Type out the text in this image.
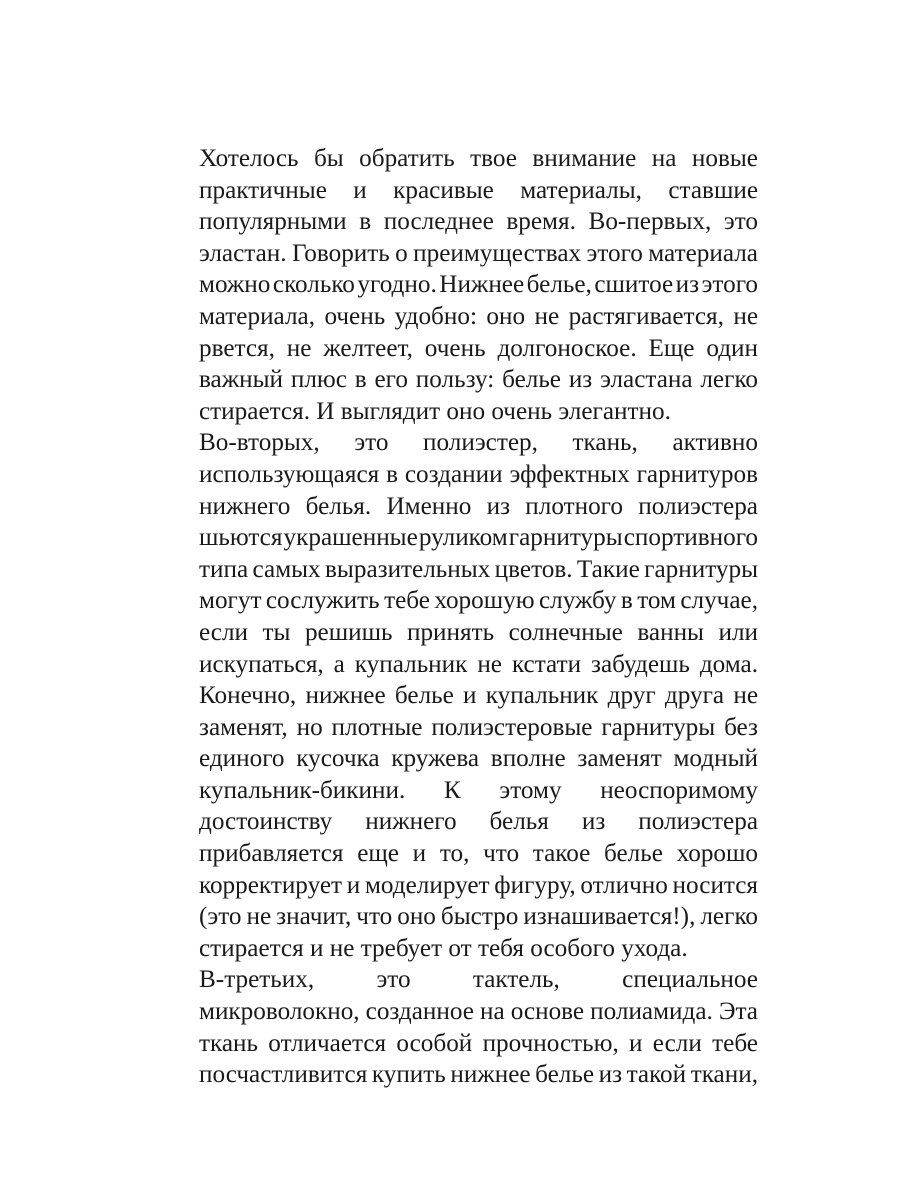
Хотелось бы обратить твое внимание на новые
практичные и красивые материалы, ставшие
популярными в последнее время. Во-первых, это
эластан. Говорить о преимуществах этого материала
можно сколько угодно. Нижнее белье, сшитое из этого
материала, очень удобно: оно не растягивается, не
рвется, не желтеет, очень долгоноское. Еще один
важный плюс в его пользу: белье из эластана легко
стирается. И выглядит оно очень элегантно.
Во-вторых, это полиэстер, ткань, активно
использующаяся в создании эффектных гарнитуров
нижнего белья. Именно из плотного полиэстера
шьются украшенные руликом гарнитуры спортивного
типа самых выразительных цветов. Такие гарнитуры
могут сослужить тебе хорошую службу в том случае,
если ты решишь принять солнечные ванны или
искупаться, а купальник не кстати забудешь дома.
Конечно, нижнее белье и купальник друг друга не
заменят, но плотные полиэстеровые гарнитуры без
единого кусочка кружева вполне заменят модный
купальник-бикини. К этому неоспоримому
достоинству нижнего белья из полиэстера
прибавляется еще и то, что такое белье хорошо
корректирует и моделирует фигуру, отлично носится
(это не значит, что оно быстро изнашивается!), легко
стирается и не требует от тебя особого ухода.
В-третьих, это тактель, специальное
микроволокно, созданное на основе полиамида. Эта
ткань отличается особой прочностью, и если тебе
посчастливится купить нижнее белье из такой ткани,
